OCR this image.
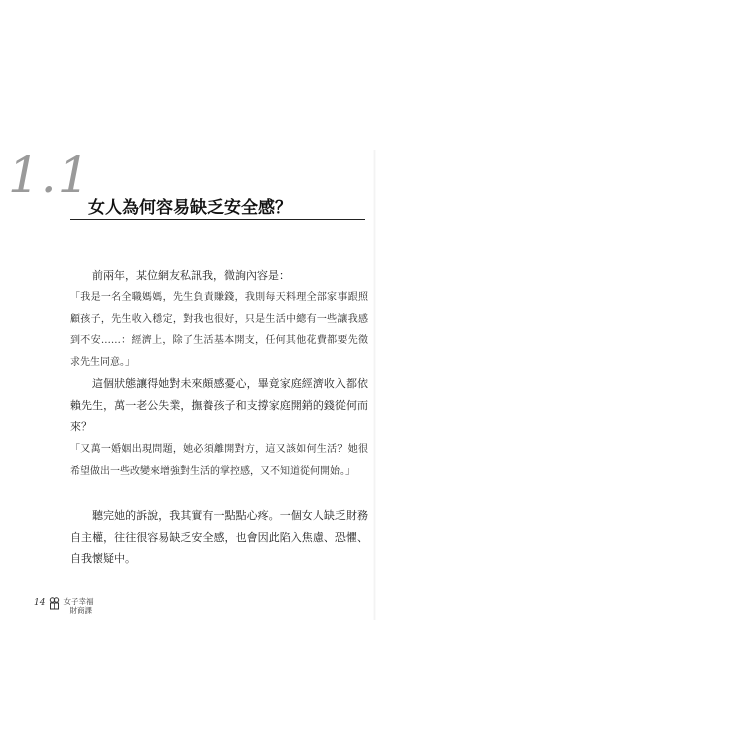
1.1
女人為何容易缺乏安全感？

前兩年，某位網友私訊我，微詢內容是：

「我是一名全職媽媽，先生負責賺錢，我則每天料理全部家事跟照顧孩子，先生收入穩定，對我也很好，只是生活中總有一些讓我感到不安……：經濟上，除了生活基本開支，任何其他花費都要先徵求先生同意。」

這個狀態讓得她對未來頗感憂心，畢竟家庭經濟收入都依賴先生，萬一老公失業，撫養孩子和支撐家庭開銷的錢從何而來？

「又萬一婚姻出現問題，她必須離開對方，這又該如何生活？她很希望做出一些改變來增強對生活的掌控感，又不知道從何開始。」

聽完她的訴說，我其實有一點點心疼。一個女人缺乏財務自主權，往往很容易缺乏安全感，也會因此陷入焦慮、恐懼、自我懷疑中。

14 女子幸福
財商課
